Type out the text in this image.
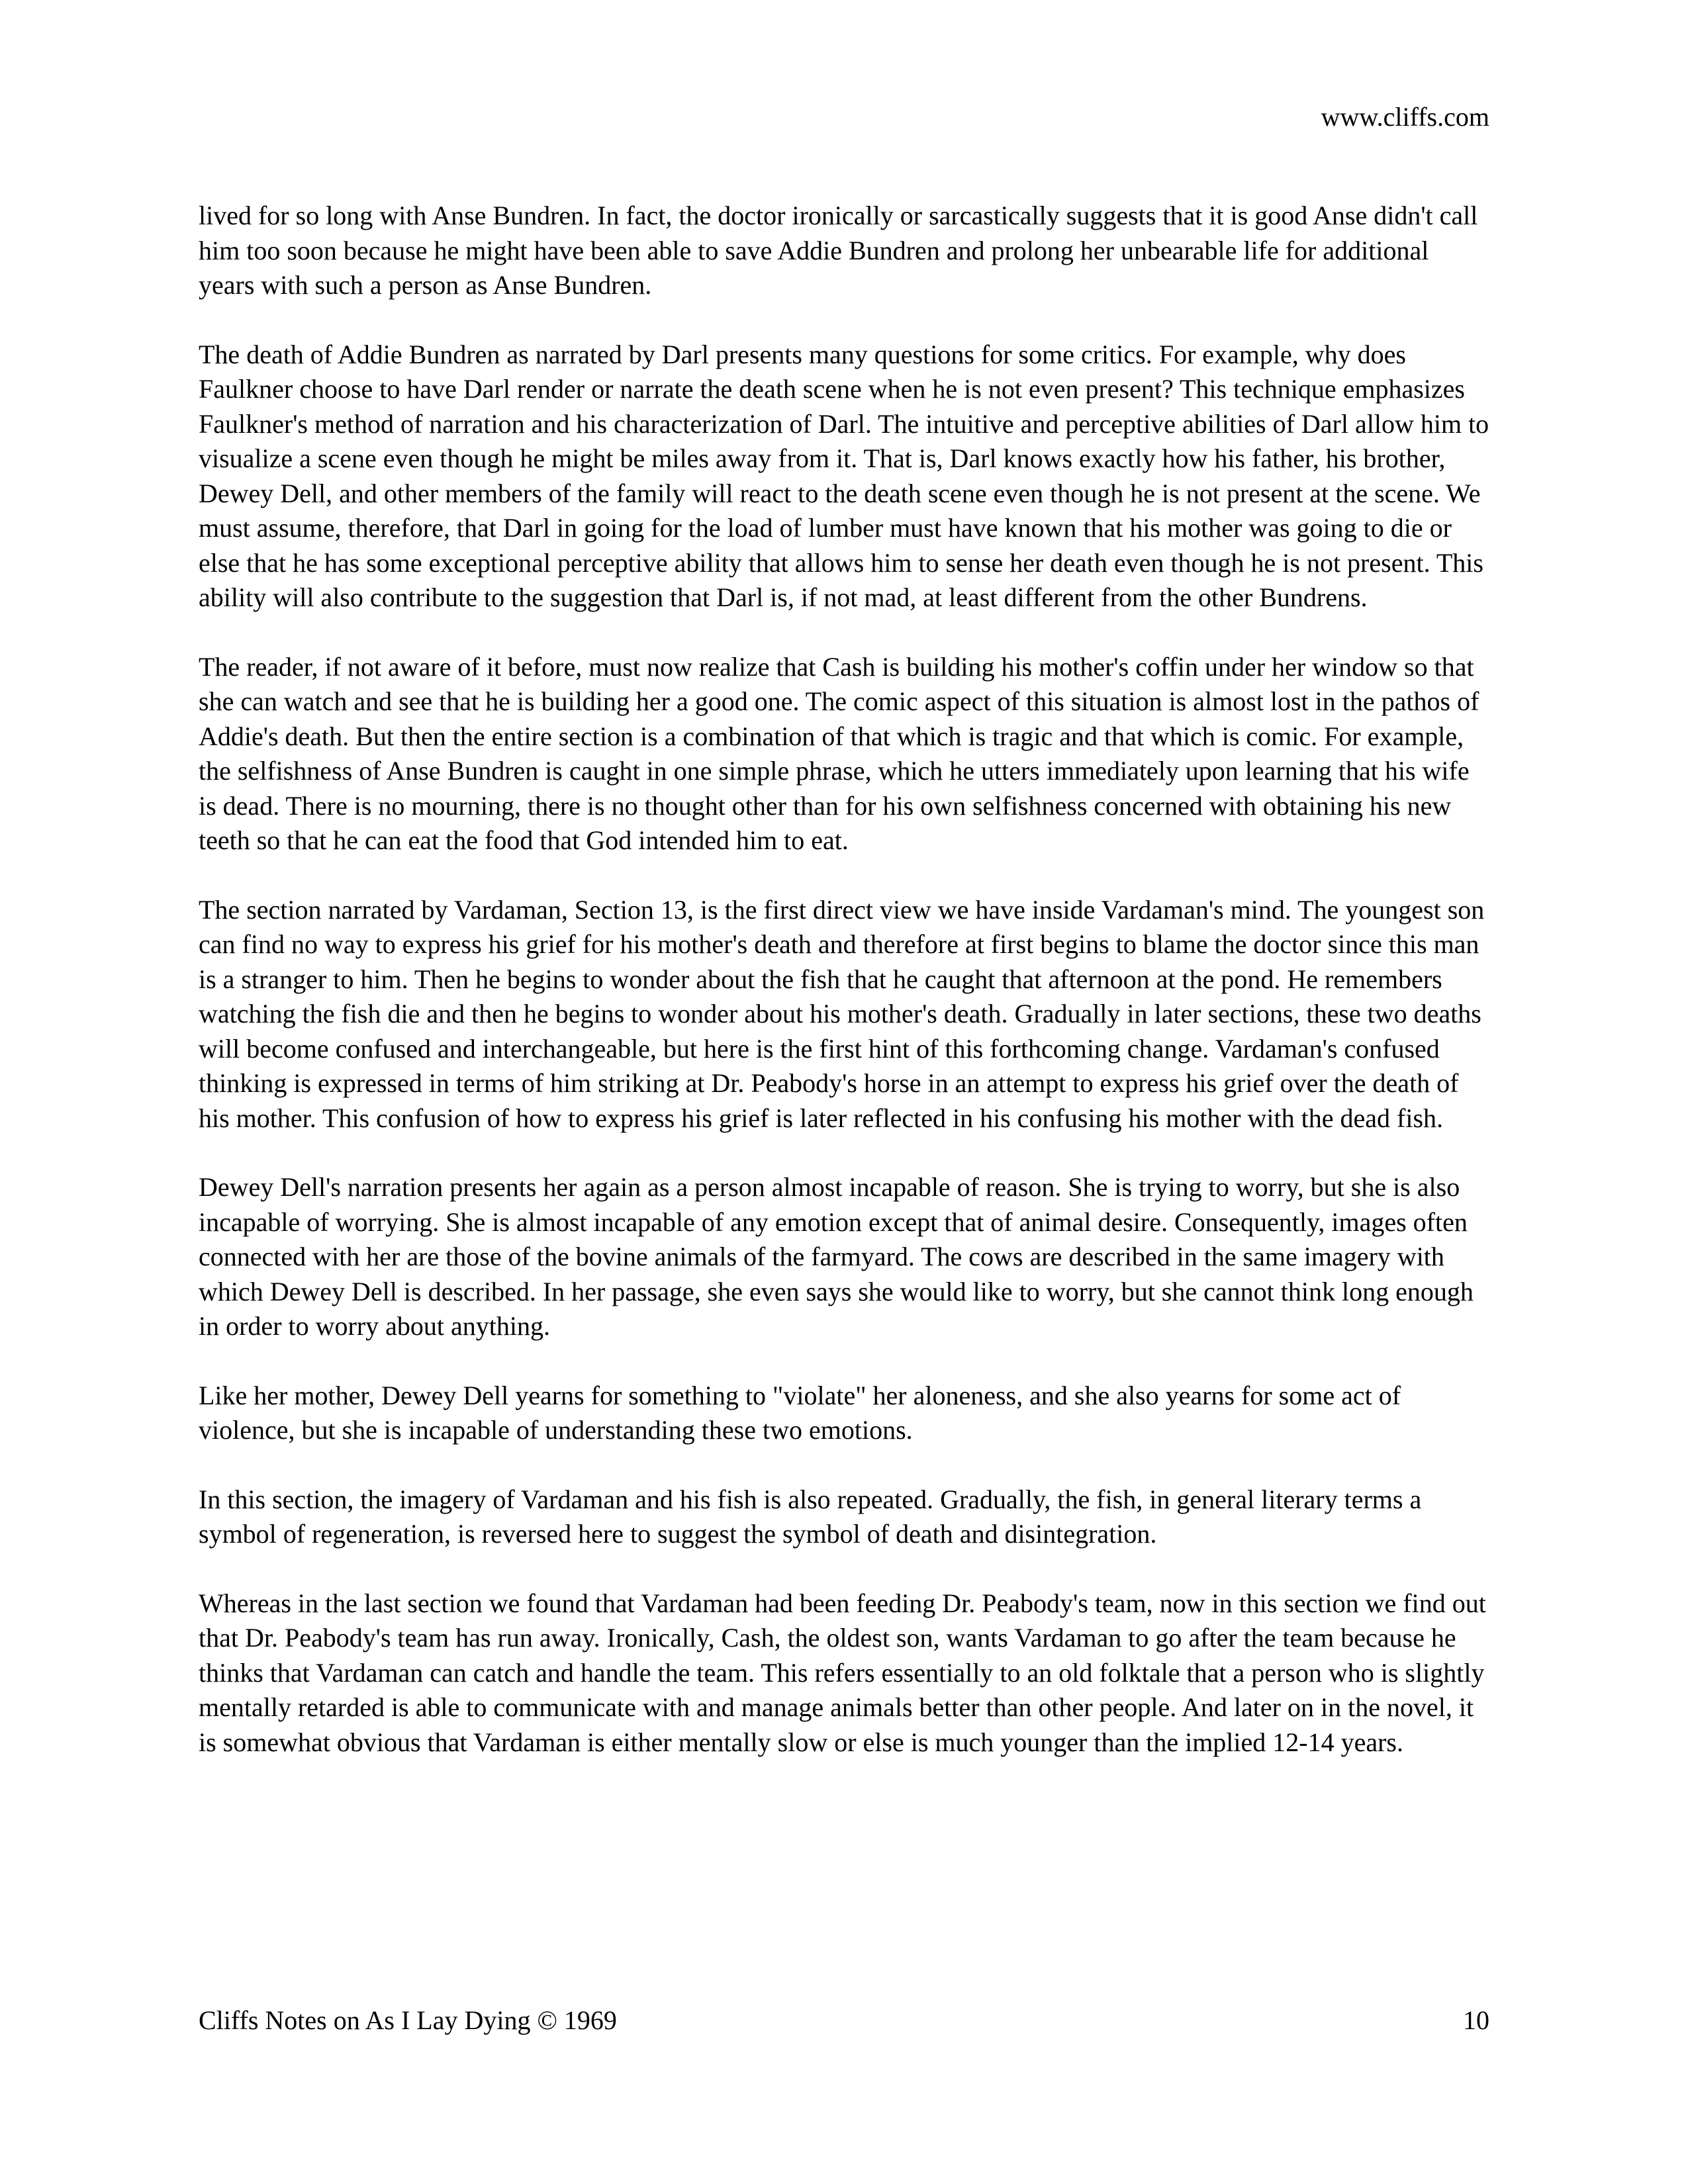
www.cliffs.com

lived for so long with Anse Bundren. In fact, the doctor ironically or sarcastically suggests that it is good Anse didn't call him too soon because he might have been able to save Addie Bundren and prolong her unbearable life for additional years with such a person as Anse Bundren.

The death of Addie Bundren as narrated by Darl presents many questions for some critics. For example, why does Faulkner choose to have Darl render or narrate the death scene when he is not even present? This technique emphasizes Faulkner's method of narration and his characterization of Darl. The intuitive and perceptive abilities of Darl allow him to visualize a scene even though he might be miles away from it. That is, Darl knows exactly how his father, his brother, Dewey Dell, and other members of the family will react to the death scene even though he is not present at the scene. We must assume, therefore, that Darl in going for the load of lumber must have known that his mother was going to die or else that he has some exceptional perceptive ability that allows him to sense her death even though he is not present. This ability will also contribute to the suggestion that Darl is, if not mad, at least different from the other Bundrens.

The reader, if not aware of it before, must now realize that Cash is building his mother's coffin under her window so that she can watch and see that he is building her a good one. The comic aspect of this situation is almost lost in the pathos of Addie's death. But then the entire section is a combination of that which is tragic and that which is comic. For example, the selfishness of Anse Bundren is caught in one simple phrase, which he utters immediately upon learning that his wife is dead. There is no mourning, there is no thought other than for his own selfishness concerned with obtaining his new teeth so that he can eat the food that God intended him to eat.

The section narrated by Vardaman, Section 13, is the first direct view we have inside Vardaman's mind. The youngest son can find no way to express his grief for his mother's death and therefore at first begins to blame the doctor since this man is a stranger to him. Then he begins to wonder about the fish that he caught that afternoon at the pond. He remembers watching the fish die and then he begins to wonder about his mother's death. Gradually in later sections, these two deaths will become confused and interchangeable, but here is the first hint of this forthcoming change. Vardaman's confused thinking is expressed in terms of him striking at Dr. Peabody's horse in an attempt to express his grief over the death of his mother. This confusion of how to express his grief is later reflected in his confusing his mother with the dead fish.

Dewey Dell's narration presents her again as a person almost incapable of reason. She is trying to worry, but she is also incapable of worrying. She is almost incapable of any emotion except that of animal desire. Consequently, images often connected with her are those of the bovine animals of the farmyard. The cows are described in the same imagery with which Dewey Dell is described. In her passage, she even says she would like to worry, but she cannot think long enough in order to worry about anything.

Like her mother, Dewey Dell yearns for something to "violate" her aloneness, and she also yearns for some act of violence, but she is incapable of understanding these two emotions.

In this section, the imagery of Vardaman and his fish is also repeated. Gradually, the fish, in general literary terms a symbol of regeneration, is reversed here to suggest the symbol of death and disintegration.

Whereas in the last section we found that Vardaman had been feeding Dr. Peabody's team, now in this section we find out that Dr. Peabody's team has run away. Ironically, Cash, the oldest son, wants Vardaman to go after the team because he thinks that Vardaman can catch and handle the team. This refers essentially to an old folktale that a person who is slightly mentally retarded is able to communicate with and manage animals better than other people. And later on in the novel, it is somewhat obvious that Vardaman is either mentally slow or else is much younger than the implied 12-14 years.

Cliffs Notes on As I Lay Dying © 1969	10
